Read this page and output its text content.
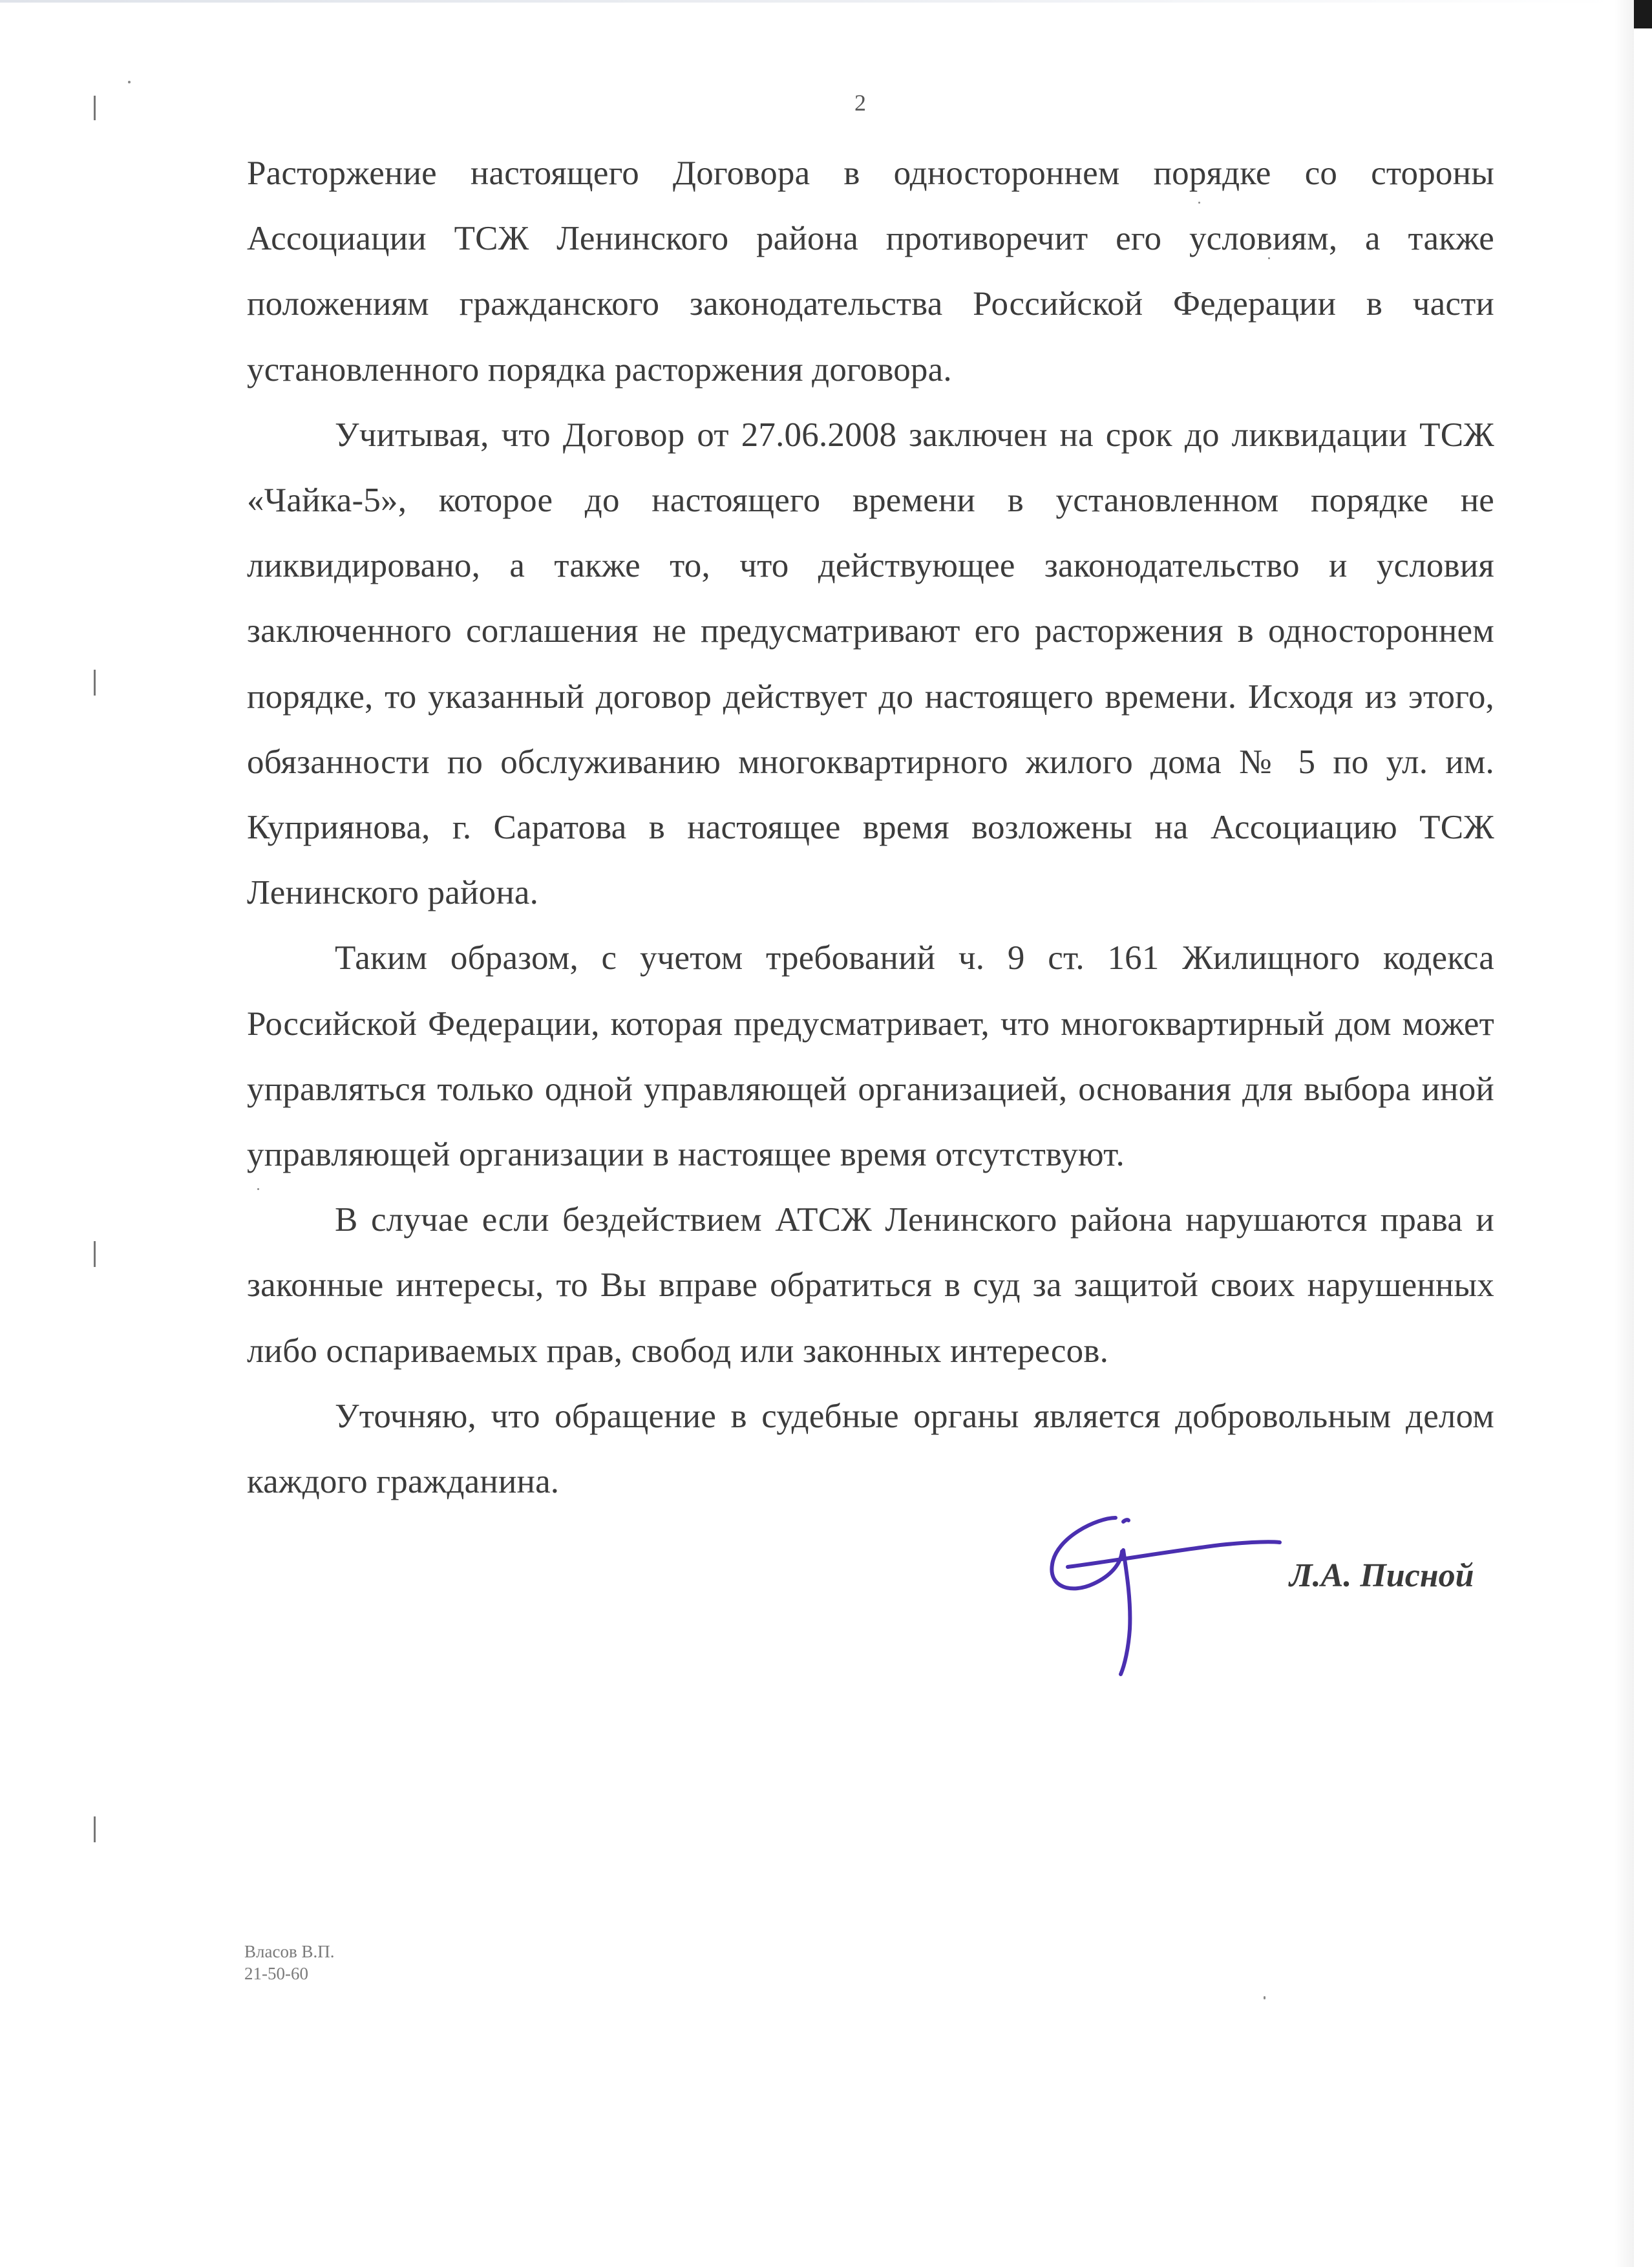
2

Расторжение настоящего Договора в одностороннем порядке со стороны Ассоциации ТСЖ Ленинского района противоречит его условиям, а также положениям гражданского законодательства Российской Федерации в части установленного порядка расторжения договора.

Учитывая, что Договор от 27.06.2008 заключен на срок до ликвидации ТСЖ «Чайка-5», которое до настоящего времени в установленном порядке не ликвидировано, а также то, что действующее законодательство и условия заключенного соглашения не предусматривают его расторжения в одностороннем порядке, то указанный договор действует до настоящего времени. Исходя из этого, обязанности по обслуживанию многоквартирного жилого дома № 5 по ул. им. Куприянова, г. Саратова в настоящее время возложены на Ассоциацию ТСЖ Ленинского района.

Таким образом, с учетом требований ч. 9 ст. 161 Жилищного кодекса Российской Федерации, которая предусматривает, что многоквартирный дом может управляться только одной управляющей организацией, основания для выбора иной управляющей организации в настоящее время отсутствуют.

В случае если бездействием АТСЖ Ленинского района нарушаются права и законные интересы, то Вы вправе обратиться в суд за защитой своих нарушенных либо оспариваемых прав, свобод или законных интересов.

Уточняю, что обращение в судебные органы является добровольным делом каждого гражданина.

Л.А. Писной
Власов В.П.
21-50-60
